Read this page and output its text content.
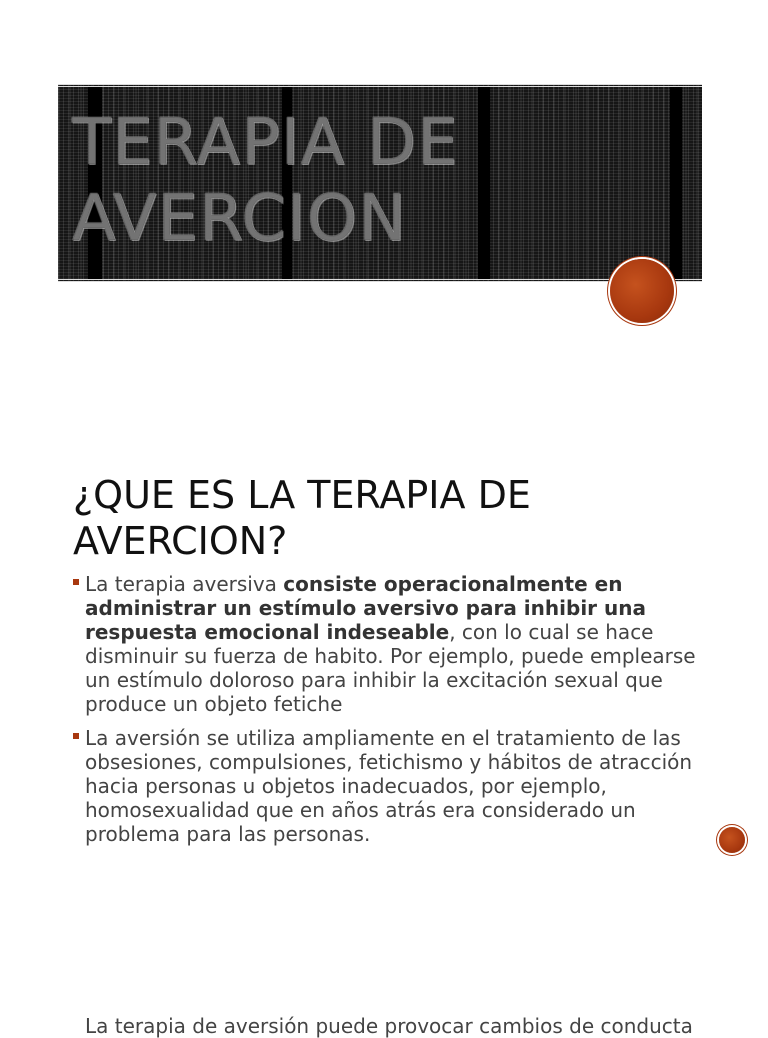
TERAPIA DE
AVERCION
¿QUE ES LA TERAPIA DE AVERCION?
La terapia aversiva consiste operacionalmente en administrar un estímulo aversivo para inhibir una respuesta emocional indeseable, con lo cual se hace disminuir su fuerza de habito. Por ejemplo, puede emplearse un estímulo doloroso para inhibir la excitación sexual que produce un objeto fetiche
La aversión se utiliza ampliamente en el tratamiento de las obsesiones, compulsiones, fetichismo y hábitos de atracción hacia personas u objetos inadecuados, por ejemplo, homosexualidad que en años atrás era considerado un problema para las personas.
La terapia de aversión puede provocar cambios de conducta
